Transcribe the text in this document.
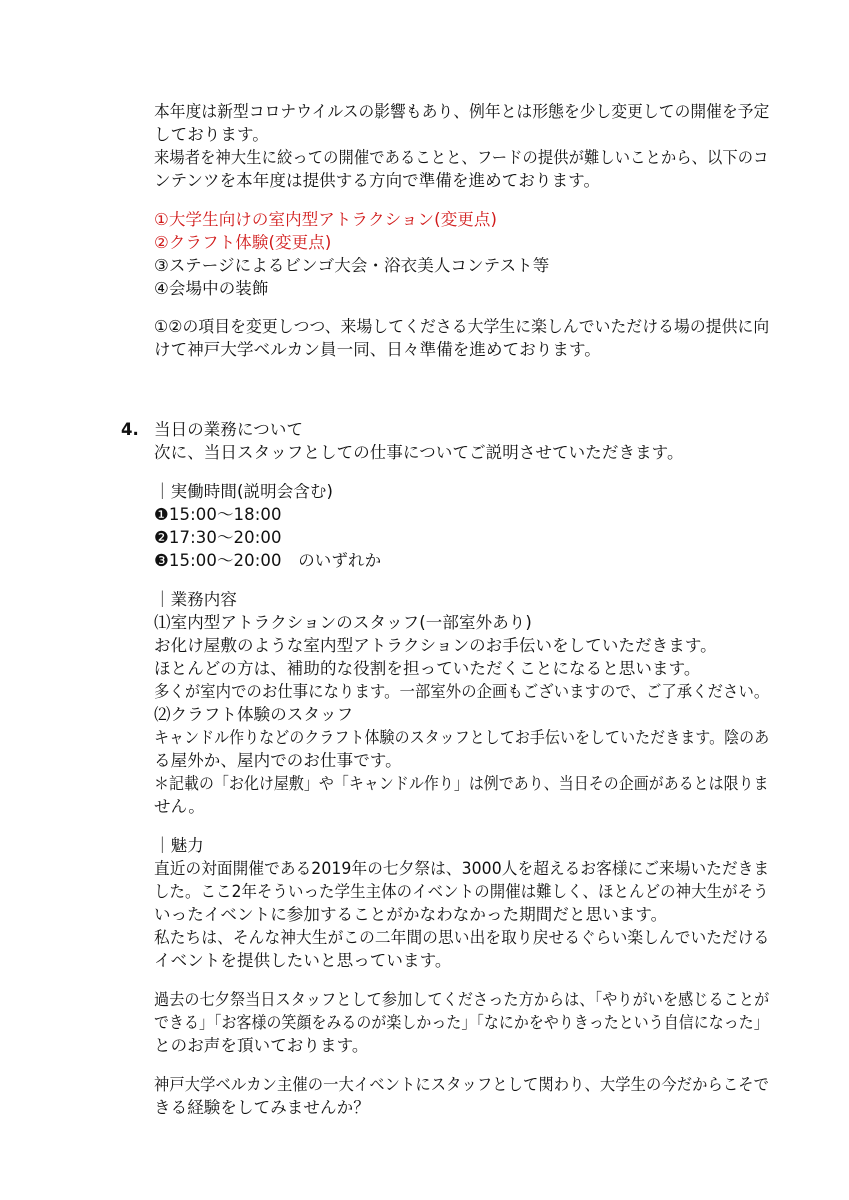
本年度は新型コロナウイルスの影響もあり、例年とは形態を少し変更しての開催を予定
しております。
来場者を神大生に絞っての開催であることと、フードの提供が難しいことから、以下のコ
ンテンツを本年度は提供する方向で準備を進めております。
①大学生向けの室内型アトラクション(変更点)
②クラフト体験(変更点)
③ステージによるビンゴ大会・浴衣美人コンテスト等
④会場中の装飾
①②の項目を変更しつつ、来場してくださる大学生に楽しんでいただける場の提供に向
けて神戸大学ベルカン員一同、日々準備を進めております。
4. 当日の業務について
次に、当日スタッフとしての仕事についてご説明させていただきます。
｜実働時間(説明会含む)
❶15:00～18:00
❷17:30～20:00
❸15:00～20:00　のいずれか
｜業務内容
⑴室内型アトラクションのスタッフ(一部室外あり)
お化け屋敷のような室内型アトラクションのお手伝いをしていただきます。
ほとんどの方は、補助的な役割を担っていただくことになると思います。
多くが室内でのお仕事になります。一部室外の企画もございますので、ご了承ください。
⑵クラフト体験のスタッフ
キャンドル作りなどのクラフト体験のスタッフとしてお手伝いをしていただきます。陰のあ
る屋外か、屋内でのお仕事です。
＊記載の「お化け屋敷」や「キャンドル作り」は例であり、当日その企画があるとは限りま
せん。
｜魅力
直近の対面開催である2019年の七夕祭は、3000人を超えるお客様にご来場いただきま
した。ここ2年そういった学生主体のイベントの開催は難しく、ほとんどの神大生がそう
いったイベントに参加することがかなわなかった期間だと思います。
私たちは、そんな神大生がこの二年間の思い出を取り戻せるぐらい楽しんでいただける
イベントを提供したいと思っています。
過去の七夕祭当日スタッフとして参加してくださった方からは、「やりがいを感じることが
できる」「お客様の笑顔をみるのが楽しかった」「なにかをやりきったという自信になった」
とのお声を頂いております。
神戸大学ベルカン主催の一大イベントにスタッフとして関わり、大学生の今だからこそで
きる経験をしてみませんか？
